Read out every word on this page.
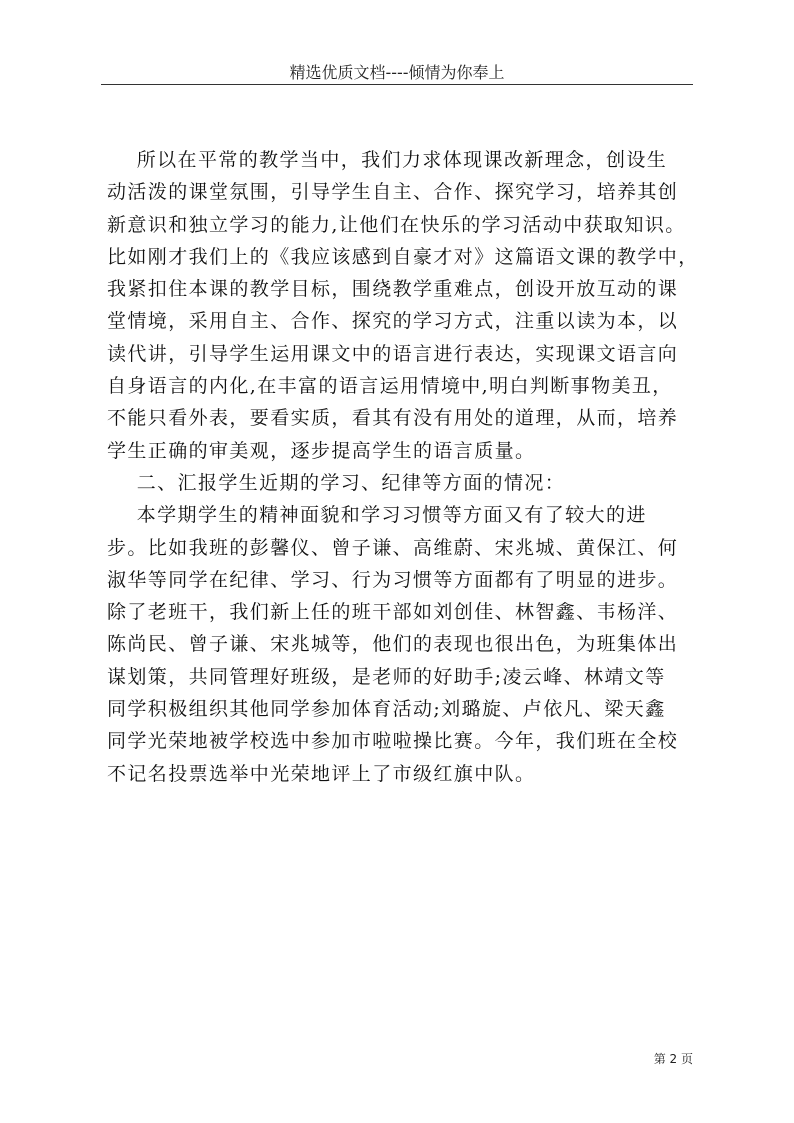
精选优质文档----倾情为你奉上
所以在平常的教学当中，我们力求体现课改新理念，创设生
动活泼的课堂氛围，引导学生自主、合作、探究学习，培养其创
新意识和独立学习的能力,让他们在快乐的学习活动中获取知识。
比如刚才我们上的《我应该感到自豪才对》这篇语文课的教学中，
我紧扣住本课的教学目标，围绕教学重难点，创设开放互动的课
堂情境，采用自主、合作、探究的学习方式，注重以读为本，以
读代讲，引导学生运用课文中的语言进行表达，实现课文语言向
自身语言的内化,在丰富的语言运用情境中,明白判断事物美丑，
不能只看外表，要看实质，看其有没有用处的道理，从而，培养
学生正确的审美观，逐步提高学生的语言质量。
二、汇报学生近期的学习、纪律等方面的情况：
本学期学生的精神面貌和学习习惯等方面又有了较大的进
步。比如我班的彭馨仪、曾子谦、高维蔚、宋兆城、黄保江、何
淑华等同学在纪律、学习、行为习惯等方面都有了明显的进步。
除了老班干，我们新上任的班干部如刘创佳、林智鑫、韦杨洋、
陈尚民、曾子谦、宋兆城等，他们的表现也很出色，为班集体出
谋划策，共同管理好班级，是老师的好助手;凌云峰、林靖文等
同学积极组织其他同学参加体育活动;刘璐旋、卢依凡、梁天鑫
同学光荣地被学校选中参加市啦啦操比赛。今年，我们班在全校
不记名投票选举中光荣地评上了市级红旗中队。
第 2 页
